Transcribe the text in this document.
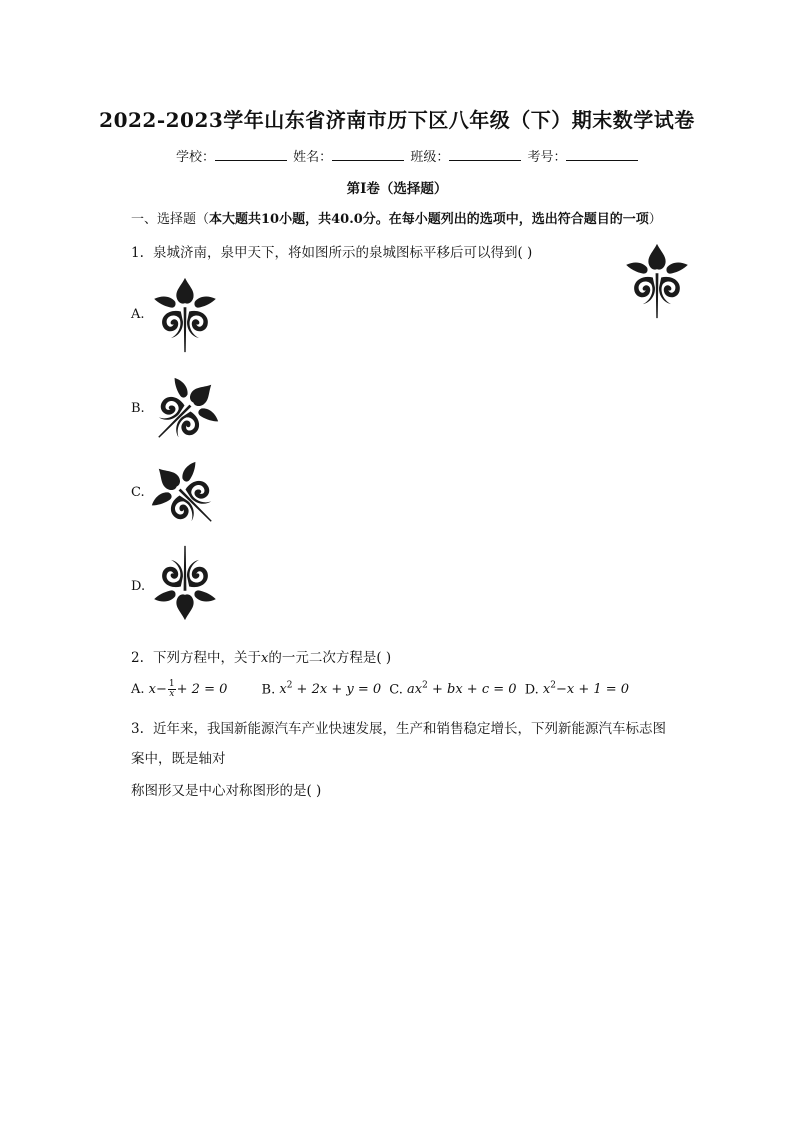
2022-2023学年山东省济南市历下区八年级（下）期末数学试卷
学校：	姓名：	班级：	考号：
第I卷（选择题）
一、选择题（本大题共10小题，共40.0分。在每小题列出的选项中，选出符合题目的一项）
1. 泉城济南，泉甲天下，将如图所示的泉城图标平移后可以得到( )
A.
B.
C.
D.
2. 下列方程中，关于x的一元二次方程是( )
A. $x- \frac{1}{x} + 2 = 0$	B. $x^2 + 2x + y = 0$ C. $ax^2$ + bx + c = 0 D. $x^2-x + 1 = 0$
3. 近年来，我国新能源汽车产业快速发展，生产和销售稳定增长，下列新能源汽车标志图
案中，既是轴对
称图形又是中心对称图形的是( )
